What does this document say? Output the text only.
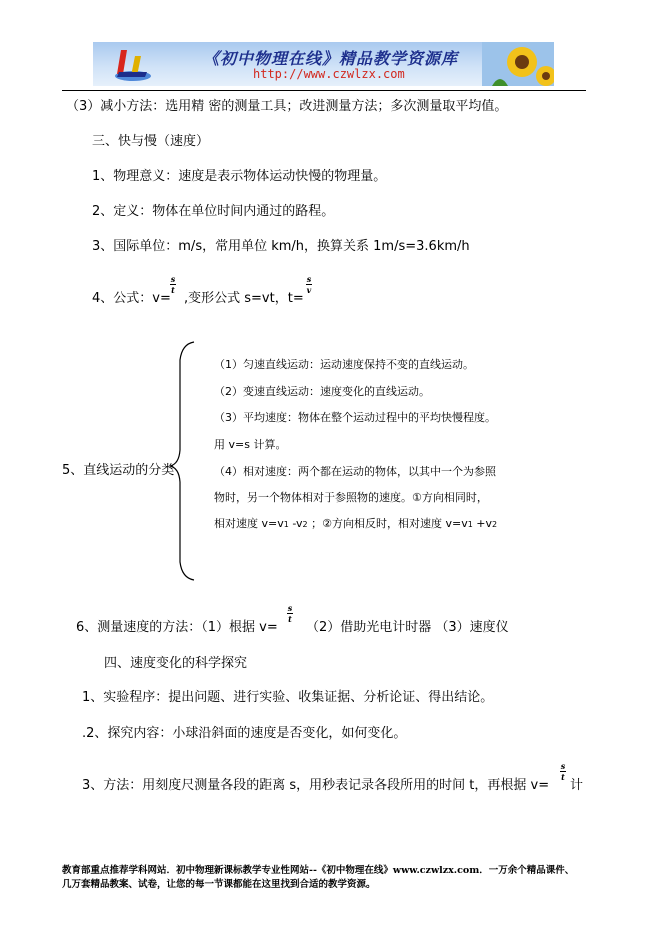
《初中物理在线》精品教学资源库
http://www.czwlzx.com
（3）减小方法：选用精 密的测量工具；改进测量方法；多次测量取平均值。
三、快与慢（速度）
1、物理意义：速度是表示物体运动快慢的物理量。
2、定义：物体在单位时间内通过的路程。
3、国际单位：m/s，常用单位 km/h，换算关系 1m/s=3.6km/h
4、公式：v=
s
t
,变形公式 s=vt，t=
s
v
5、直线运动的分类
（1）匀速直线运动：运动速度保持不变的直线运动。
（2）变速直线运动：速度变化的直线运动。
（3）平均速度：物体在整个运动过程中的平均快慢程度。
用 v=s 计算。
（4）相对速度：两个都在运动的物体，以其中一个为参照
物时，另一个物体相对于参照物的速度。①方向相同时，
相对速度 v=v1 -v2 ；②方向相反时，相对速度 v=v1 +v2
6、测量速度的方法：（1）根据 v=
s
t
（2）借助光电计时器 （3）速度仪
四、速度变化的科学探究
1、实验程序：提出问题、进行实验、收集证据、分析论证、得出结论。
.2、探究内容：小球沿斜面的速度是否变化，如何变化。
3、方法：用刻度尺测量各段的距离 s，用秒表记录各段所用的时间 t，再根据 v=
s
t
计
教育部重点推荐学科网站．初中物理新课标教学专业性网站--《初中物理在线》www.czwlzx.com．一万余个精品课件、
几万套精品教案、试卷，让您的每一节课都能在这里找到合适的教学资源。
